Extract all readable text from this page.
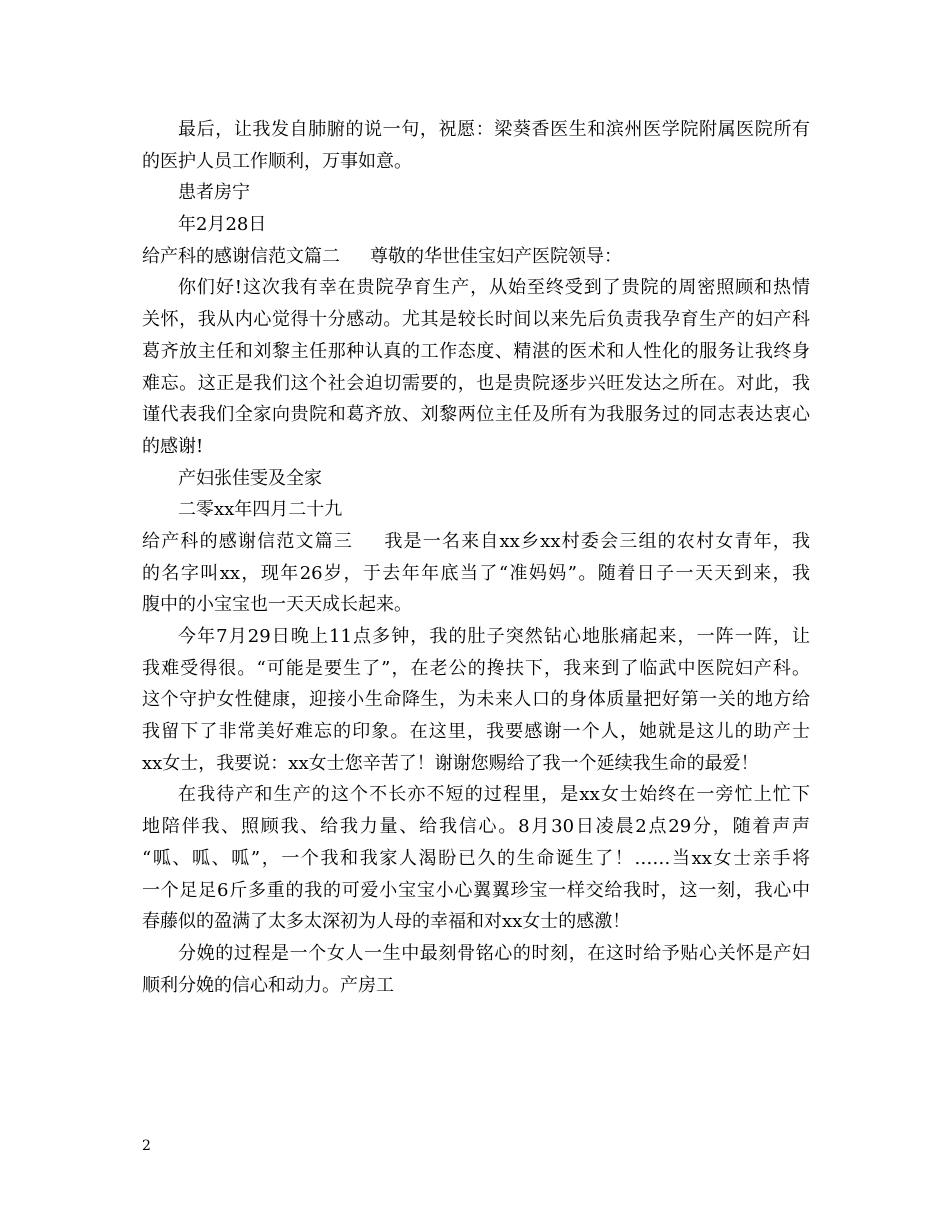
最后，让我发自肺腑的说一句，祝愿：梁葵香医生和滨州医学院附属医院所有
的医护人员工作顺利，万事如意。
患者房宁
年2月28日
给产科的感谢信范文篇二 尊敬的华世佳宝妇产医院领导：
你们好!这次我有幸在贵院孕育生产，从始至终受到了贵院的周密照顾和热情
关怀，我从内心觉得十分感动。尤其是较长时间以来先后负责我孕育生产的妇产科
葛齐放主任和刘黎主任那种认真的工作态度、精湛的医术和人性化的服务让我终身
难忘。这正是我们这个社会迫切需要的，也是贵院逐步兴旺发达之所在。对此，我
谨代表我们全家向贵院和葛齐放、刘黎两位主任及所有为我服务过的同志表达衷心
的感谢!
产妇张佳雯及全家
二零xx年四月二十九
给产科的感谢信范文篇三 我是一名来自xx乡xx村委会三组的农村女青年，我
的名字叫xx，现年26岁，于去年年底当了“准妈妈”。随着日子一天天到来，我
腹中的小宝宝也一天天成长起来。
今年7月29日晚上11点多钟，我的肚子突然钻心地胀痛起来，一阵一阵，让
我难受得很。“可能是要生了”，在老公的搀扶下，我来到了临武中医院妇产科。
这个守护女性健康，迎接小生命降生，为未来人口的身体质量把好第一关的地方给
我留下了非常美好难忘的印象。在这里，我要感谢一个人，她就是这儿的助产士
xx女士，我要说：xx女士您辛苦了！谢谢您赐给了我一个延续我生命的最爱！
在我待产和生产的这个不长亦不短的过程里，是xx女士始终在一旁忙上忙下
地陪伴我、照顾我、给我力量、给我信心。8月30日凌晨2点29分，随着声声
“呱、呱、呱”，一个我和我家人渴盼已久的生命诞生了！……当xx女士亲手将
一个足足6斤多重的我的可爱小宝宝小心翼翼珍宝一样交给我时，这一刻，我心中
春藤似的盈满了太多太深初为人母的幸福和对xx女士的感激！
分娩的过程是一个女人一生中最刻骨铭心的时刻，在这时给予贴心关怀是产妇
顺利分娩的信心和动力。产房工
2
